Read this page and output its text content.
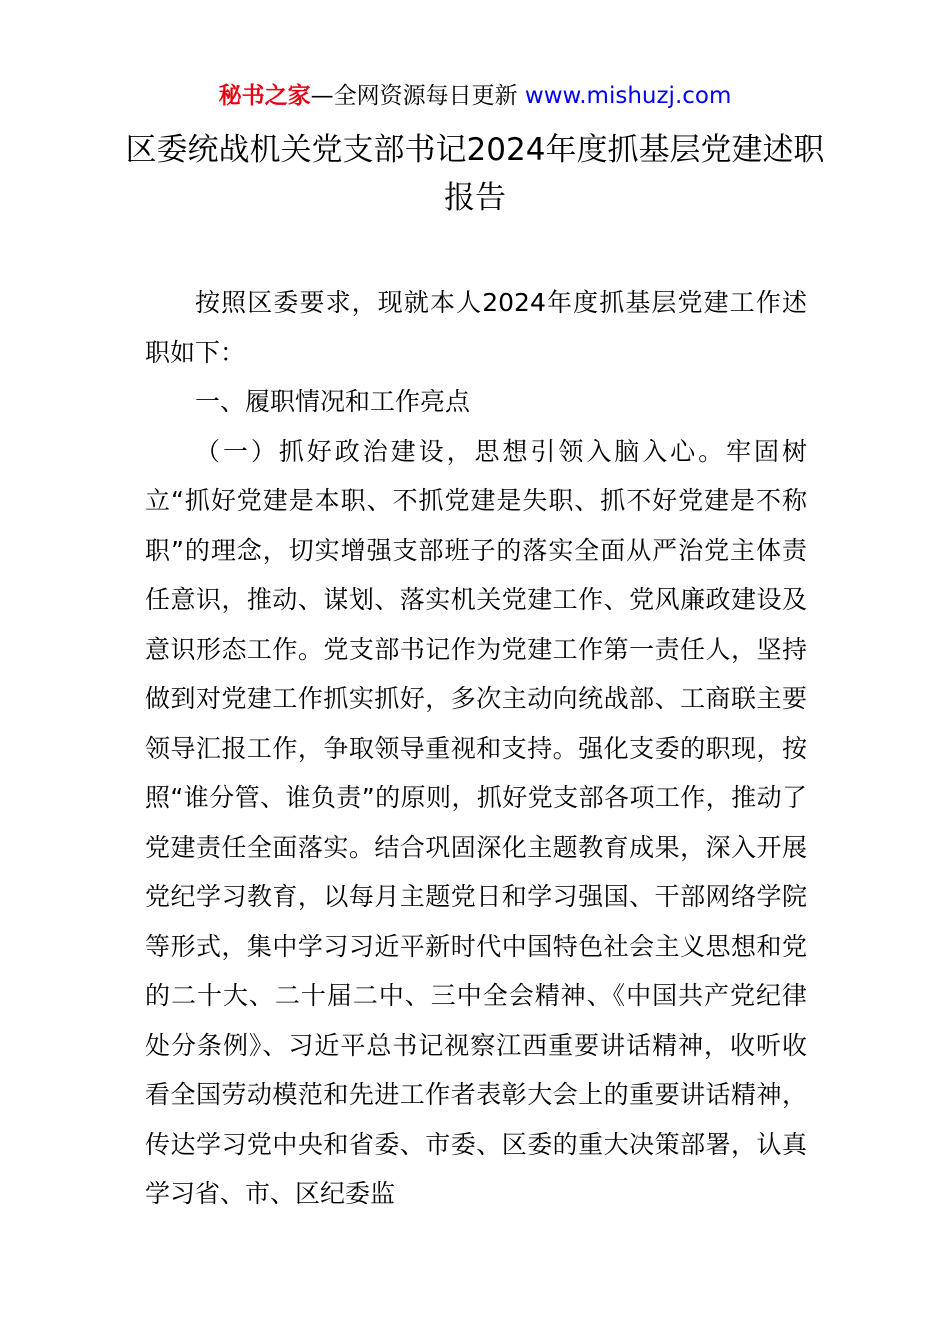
秘书之家—全网资源每日更新 www.mishuzj.com
区委统战机关党支部书记2024年度抓基层党建述职报告

按照区委要求，现就本人2024年度抓基层党建工作述职如下：

一、履职情况和工作亮点

（一）抓好政治建设，思想引领入脑入心。牢固树立“抓好党建是本职、不抓党建是失职、抓不好党建是不称职”的理念，切实增强支部班子的落实全面从严治党主体责任意识，推动、谋划、落实机关党建工作、党风廉政建设及意识形态工作。党支部书记作为党建工作第一责任人，坚持做到对党建工作抓实抓好，多次主动向统战部、工商联主要领导汇报工作，争取领导重视和支持。强化支委的职现，按照“谁分管、谁负责”的原则，抓好党支部各项工作，推动了党建责任全面落实。结合巩固深化主题教育成果，深入开展党纪学习教育，以每月主题党日和学习强国、干部网络学院等形式，集中学习习近平新时代中国特色社会主义思想和党的二十大、二十届二中、三中全会精神、《中国共产党纪律处分条例》、习近平总书记视察江西重要讲话精神，收听收看全国劳动模范和先进工作者表彰大会上的重要讲话精神，传达学习党中央和省委、市委、区委的重大决策部署，认真学习省、市、区纪委监
